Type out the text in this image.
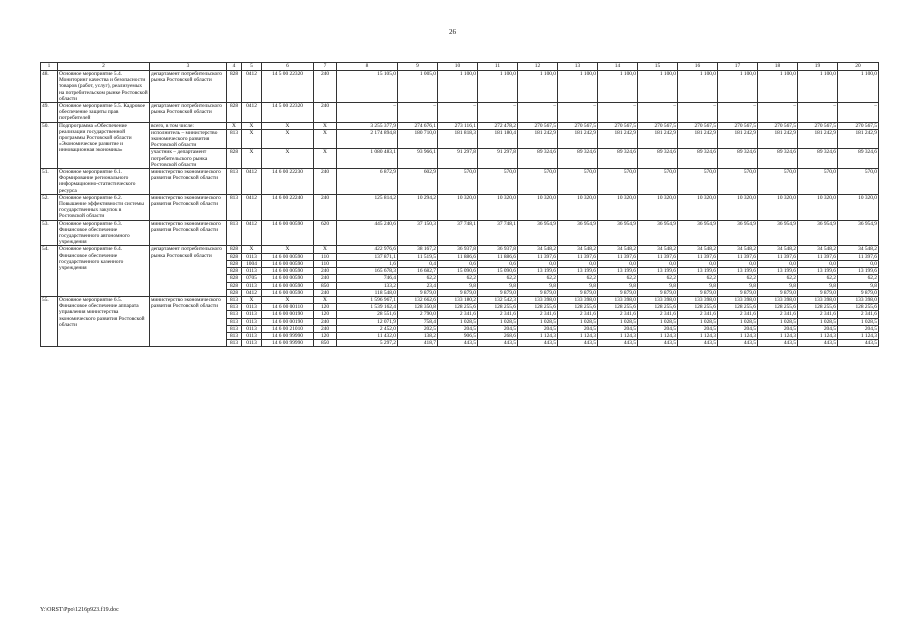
26
1	2	3	4	5	6	7	8	9	10	11	12	13	14	15	16	17	18	19	20
48.	Основное мероприятие 5.4. Мониторинг качества и безопасности товаров (работ, услуг), реализуемых на потребительском рынке Ростовской области	департамент потребительского рынка Ростовской области	828	0412	14 5 00 22320	240	15 105,0	1 005,0	1 100,0	1 100,0	1 100,0	1 100,0	1 100,0	1 100,0	1 100,0	1 100,0	1 100,0	1 100,0	1 100,0
49.	Основное мероприятие 5.5. Кадровое обеспечение защиты прав потребителей	департамент потребительского рынка Ростовской области	828	0412	14 5 00 22320	240	–	–	–	–	–	–	–	–	–	–	–	–	–
50.	Подпрограмма «Обеспечение реализации государственной программы Ростовской области «Экономическое развитие и инновационная экономика»	всего, в том числе:	X	X	X	X	3 255 377,9	274 676,1	273 116,1	272 478,2	270 567,5	270 567,5	270 567,5	270 567,5	270 567,5	270 567,5	270 567,5	270 567,5	270 567,5
		исполнитель – министерство экономического развития Ростовской области	813	X	X	X	2 174 894,8	180 710,0	181 818,3	181 180,4	181 242,9	181 242,9	181 242,9	181 242,9	181 242,9	181 242,9	181 242,9	181 242,9	181 242,9
		участник – департамент потребительского рынка Ростовской области	828	X	X	X	1 080 483,1	93 966,1	91 297,8	91 297,8	89 324,6	89 324,6	89 324,6	89 324,6	89 324,6	89 324,6	89 324,6	89 324,6	89 324,6
51.	Основное мероприятие 6.1. Формирование регионального информационно-статистического ресурса	министерство экономического развития Ростовской области	813	0412	14 6 00 22230	240	6 872,9	602,9	570,0	570,0	570,0	570,0	570,0	570,0	570,0	570,0	570,0	570,0	570,0
52.	Основное мероприятие 6.2. Повышение эффективности системы государственных закупок в Ростовской области	министерство экономического развития Ростовской области	813	0412	14 6 00 22240	240	125 814,2	10 294,2	10 320,0	10 320,0	10 320,0	10 320,0	10 320,0	10 320,0	10 320,0	10 320,0	10 320,0	10 320,0	10 320,0
53.	Основное мероприятие 6.3. Финансовое обеспечение государственного автономного учреждения	министерство экономического развития Ростовской области	813	0412	14 6 00 00590	620	445 240,6	37 150,3	37 748,1	37 748,1	36 954,9	36 954,9	36 954,9	36 954,9	36 954,9	36 954,9	36 954,9	36 954,9	36 954,9
54.	Основное мероприятие 6.4. Финансовое обеспечение государственного казенного учреждения	департамент потребительского рынка Ростовской области	828	X	X	X	422 976,6	38 167,2	36 937,8	36 937,8	34 548,2	34 548,2	34 548,2	34 548,2	34 548,2	34 548,2	34 548,2	34 548,2	34 548,2
			828	0113	14 6 00 00590	110	137 871,1	11 519,5	11 886,6	11 886,6	11 397,6	11 397,6	11 397,6	11 397,6	11 397,6	11 397,6	11 397,6	11 397,6	11 397,6
			828	1004	14 6 00 00590	110	1,6	0,4	0,6	0,6	0,0	0,0	0,0	0,0	0,0	0,0	0,0	0,0	0,0
			828	0113	14 6 00 00590	240	165 678,3	16 682,7	15 090,6	15 090,6	13 199,6	13 199,6	13 199,6	13 199,6	13 199,6	13 199,6	13 199,6	13 199,6	13 199,6
			828	0705	14 6 00 00590	240	746,4	62,2	62,2	62,2	62,2	62,2	62,2	62,2	62,2	62,2	62,2	62,2	62,2
			828	0113	14 6 00 00590	850	133,2	23,4	9,8	9,8	9,8	9,8	9,8	9,8	9,8	9,8	9,8	9,8	9,8
			828	0412	14 6 00 00590	240	118 548,0	9 879,0	9 879,0	9 879,0	9 879,0	9 879,0	9 879,0	9 879,0	9 879,0	9 879,0	9 879,0	9 879,0	9 879,0
55.	Основное мероприятие 6.5. Финансовое обеспечение аппарата управления министерства экономического развития Ростовской области	министерство экономического развития Ростовской области	813	X	X	X	1 596 967,1	132 662,6	133 180,2	132 542,3	133 398,0	133 398,0	133 398,0	133 398,0	133 398,0	133 398,0	133 398,0	133 398,0	133 398,0
			813	0113	14 6 00 00110	120	1 539 162,4	128 350,8	128 255,6	128 255,6	128 255,6	128 255,6	128 255,6	128 255,6	128 255,6	128 255,6	128 255,6	128 255,6	128 255,6
			813	0113	14 6 00 00190	120	28 551,6	2 790,0	2 341,6	2 341,6	2 341,6	2 341,6	2 341,6	2 341,6	2 341,6	2 341,6	2 341,6	2 341,6	2 341,6
			813	0113	14 6 00 00190	240	12 071,9	758,4	1 028,5	1 028,5	1 028,5	1 028,5	1 028,5	1 028,5	1 028,5	1 028,5	1 028,5	1 028,5	1 028,5
			813	0113	14 6 00 21010	240	2 452,0	202,5	204,5	204,5	204,5	204,5	204,5	204,5	204,5	204,5	204,5	204,5	204,5
			813	0113	14 6 00 99990	120	11 432,0	138,2	906,5	268,6	1 124,3	1 124,3	1 124,3	1 124,3	1 124,3	1 124,3	1 124,3	1 124,3	1 124,3
			813	0113	14 6 00 99990	850	5 297,2	418,7	443,5	443,5	443,5	443,5	443,5	443,5	443,5	443,5	443,5	443,5	443,5
Y:\ORST\Ppo\1216p923.f19.doc
